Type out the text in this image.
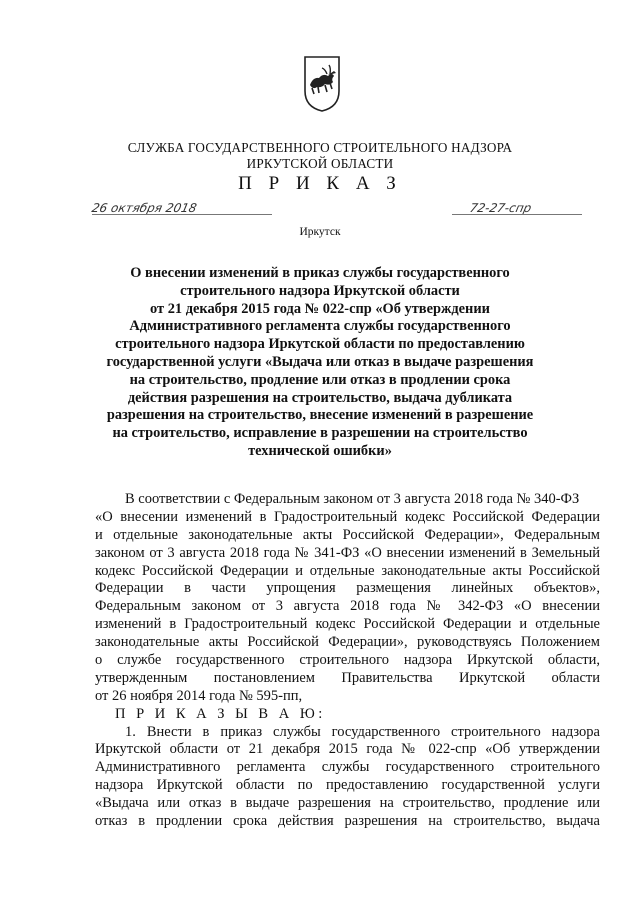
СЛУЖБА ГОСУДАРСТВЕННОГО СТРОИТЕЛЬНОГО НАДЗОРА
ИРКУТСКОЙ ОБЛАСТИ
П Р И К А З
26 октября 2018	72-27-спр
Иркутск
О внесении изменений в приказ службы государственного
строительного надзора Иркутской области
от 21 декабря 2015 года № 022-спр «Об утверждении
Административного регламента службы государственного
строительного надзора Иркутской области по предоставлению
государственной услуги «Выдача или отказ в выдаче разрешения
на строительство, продление или отказ в продлении срока
действия разрешения на строительство, выдача дубликата
разрешения на строительство, внесение изменений в разрешение
на строительство, исправление в разрешении на строительство
технической ошибки»
В соответствии с Федеральным законом от 3 августа 2018 года № 340-ФЗ
«О внесении изменений в Градостроительный кодекс Российской Федерации
и отдельные законодательные акты Российской Федерации», Федеральным
законом от 3 августа 2018 года № 341-ФЗ «О внесении изменений в Земельный
кодекс Российской Федерации и отдельные законодательные акты Российской
Федерации в части упрощения размещения линейных объектов»,
Федеральным законом от 3 августа 2018 года № 342-ФЗ «О внесении
изменений в Градостроительный кодекс Российской Федерации и отдельные
законодательные акты Российской Федерации», руководствуясь Положением
о службе государственного строительного надзора Иркутской области,
утвержденным постановлением Правительства Иркутской области
от 26 ноября 2014 года № 595-пп,
П Р И К А З Ы В А Ю:
1. Внести в приказ службы государственного строительного надзора
Иркутской области от 21 декабря 2015 года № 022-спр «Об утверждении
Административного регламента службы государственного строительного
надзора Иркутской области по предоставлению государственной услуги
«Выдача или отказ в выдаче разрешения на строительство, продление или
отказ в продлении срока действия разрешения на строительство, выдача
